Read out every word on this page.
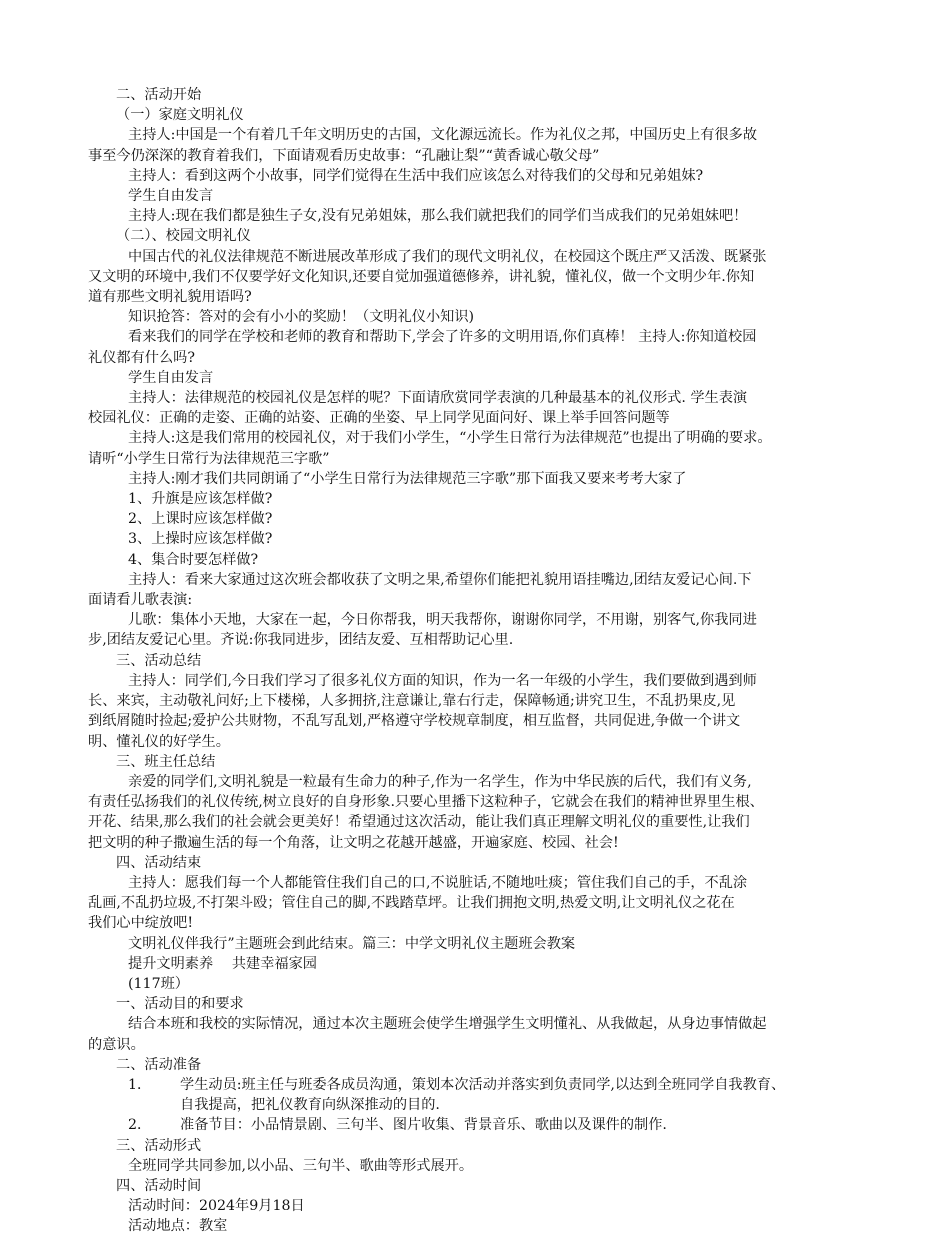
二、活动开始
（一）家庭文明礼仪
主持人:中国是一个有着几千年文明历史的古国，文化源远流长。作为礼仪之邦，中国历史上有很多故
事至今仍深深的教育着我们，下面请观看历史故事：“孔融让梨”“黄香诚心敬父母”
主持人：看到这两个小故事，同学们觉得在生活中我们应该怎么对待我们的父母和兄弟姐妹?
学生自由发言
主持人:现在我们都是独生子女,没有兄弟姐妹，那么我们就把我们的同学们当成我们的兄弟姐妹吧！
（二）、校园文明礼仪
中国古代的礼仪法律规范不断进展改革形成了我们的现代文明礼仪，在校园这个既庄严又活泼、既紧张
又文明的环境中,我们不仅要学好文化知识,还要自觉加强道德修养，讲礼貌，懂礼仪，做一个文明少年.你知
道有那些文明礼貌用语吗?
知识抢答：答对的会有小小的奖励！（文明礼仪小知识)
看来我们的同学在学校和老师的教育和帮助下,学会了许多的文明用语,你们真棒！ 主持人:你知道校园
礼仪都有什么吗?
学生自由发言
主持人：法律规范的校园礼仪是怎样的呢？下面请欣赏同学表演的几种最基本的礼仪形式. 学生表演
校园礼仪：正确的走姿、正确的站姿、正确的坐姿、早上同学见面问好、课上举手回答问题等
主持人:这是我们常用的校园礼仪，对于我们小学生，“小学生日常行为法律规范”也提出了明确的要求。
请听“小学生日常行为法律规范三字歌”
主持人:刚才我们共同朗诵了“小学生日常行为法律规范三字歌”那下面我又要来考考大家了
1、升旗是应该怎样做?
2、上课时应该怎样做?
3、上操时应该怎样做?
4、集合时要怎样做?
主持人：看来大家通过这次班会都收获了文明之果,希望你们能把礼貌用语挂嘴边,团结友爱记心间.下
面请看儿歌表演:
儿歌：集体小天地，大家在一起，今日你帮我，明天我帮你，谢谢你同学，不用谢，别客气,你我同进
步,团结友爱记心里。齐说:你我同进步，团结友爱、互相帮助记心里.
三、活动总结
主持人：同学们,今日我们学习了很多礼仪方面的知识，作为一名一年级的小学生，我们要做到遇到师
长、来宾，主动敬礼问好;上下楼梯，人多拥挤,注意谦让,靠右行走，保障畅通;讲究卫生，不乱扔果皮,见
到纸屑随时捡起;爱护公共财物，不乱写乱划,严格遵守学校规章制度，相互监督，共同促进,争做一个讲文
明、懂礼仪的好学生。
三、班主任总结
亲爱的同学们,文明礼貌是一粒最有生命力的种子,作为一名学生，作为中华民族的后代，我们有义务,
有责任弘扬我们的礼仪传统,树立良好的自身形象.只要心里播下这粒种子，它就会在我们的精神世界里生根、
开花、结果,那么我们的社会就会更美好！希望通过这次活动，能让我们真正理解文明礼仪的重要性,让我们
把文明的种子撒遍生活的每一个角落，让文明之花越开越盛，开遍家庭、校园、社会!
四、活动结束
主持人：愿我们每一个人都能管住我们自己的口,不说脏话,不随地吐痰；管住我们自己的手，不乱涂
乱画,不乱扔垃圾,不打架斗殴；管住自己的脚,不践踏草坪。让我们拥抱文明,热爱文明,让文明礼仪之花在
我们心中绽放吧!
文明礼仪伴我行”主题班会到此结束。篇三：中学文明礼仪主题班会教案
提升文明素养　 共建幸福家园
(117班）
一、活动目的和要求
结合本班和我校的实际情况，通过本次主题班会使学生增强学生文明懂礼、从我做起，从身边事情做起
的意识。
二、活动准备
1．	学生动员:班主任与班委各成员沟通，策划本次活动并落实到负责同学,以达到全班同学自我教育、
自我提高，把礼仪教育向纵深推动的目的.
2．	准备节目：小品情景剧、三句半、图片收集、背景音乐、歌曲以及课件的制作.
三、活动形式
全班同学共同参加,以小品、三句半、歌曲等形式展开。
四、活动时间
活动时间：2024年9月18日
活动地点：教室
